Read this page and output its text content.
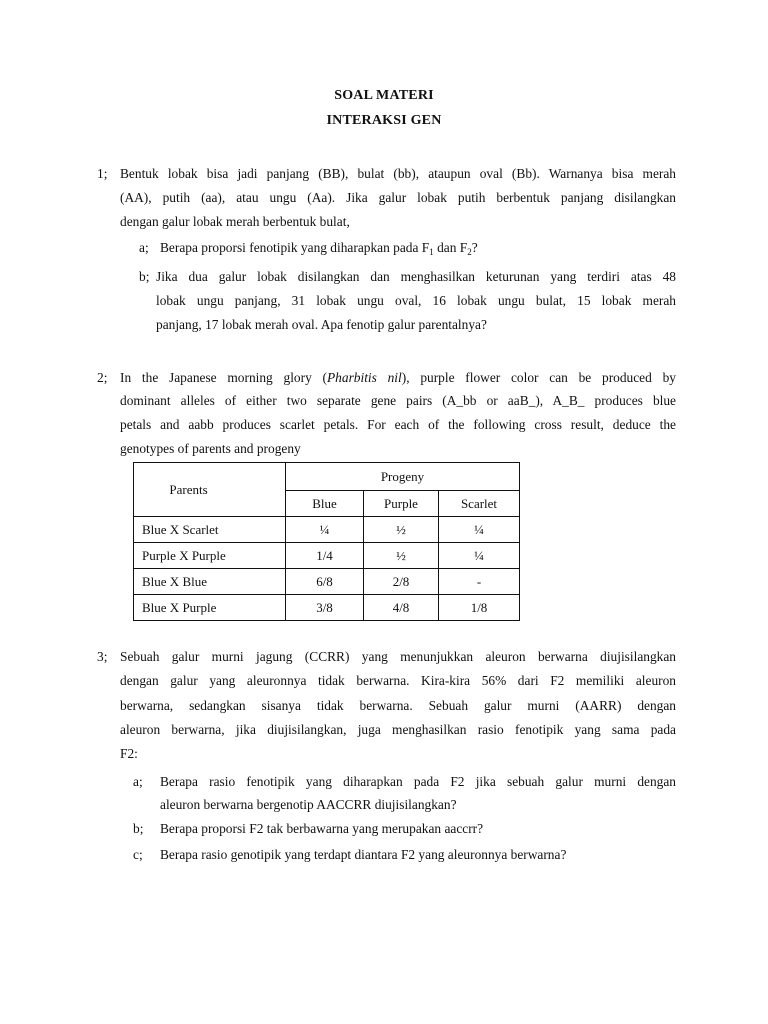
SOAL MATERI
INTERAKSI GEN
1; Bentuk lobak bisa jadi panjang (BB), bulat (bb), ataupun oval (Bb). Warnanya bisa merah
(AA), putih (aa), atau ungu (Aa). Jika galur lobak putih berbentuk panjang disilangkan
dengan galur lobak merah berbentuk bulat,
a; Berapa proporsi fenotipik yang diharapkan pada $F_1$ dan $F_2$?
b; Jika dua galur lobak disilangkan dan menghasilkan keturunan yang terdiri atas 48
lobak ungu panjang, 31 lobak ungu oval, 16 lobak ungu bulat, 15 lobak merah
panjang, 17 lobak merah oval. Apa fenotip galur parentalnya?
2; In the Japanese morning glory (Pharbitis nil), purple flower color can be produced by
dominant alleles of either two separate gene pairs (A_bb or aaB_), A_B_ produces blue
petals and aabb produces scarlet petals. For each of the following cross result, deduce the
genotypes of parents and progeny
Parents	Progeny		
	Blue	Purple	Scarlet
Blue X Scarlet	¼	½	¼
Purple X Purple	1/4	½	¼
Blue X Blue	6/8	2/8	-
Blue X Purple	3/8	4/8	1/8
3; Sebuah galur murni jagung (CCRR) yang menunjukkan aleuron berwarna diujisilangkan
dengan galur yang aleuronnya tidak berwarna. Kira-kira 56% dari F2 memiliki aleuron
berwarna, sedangkan sisanya tidak berwarna. Sebuah galur murni (AARR) dengan
aleuron berwarna, jika diujisilangkan, juga menghasilkan rasio fenotipik yang sama pada
F2:
a; Berapa rasio fenotipik yang diharapkan pada F2 jika sebuah galur murni dengan
aleuron berwarna bergenotip AACCRR diujisilangkan?
b; Berapa proporsi F2 tak berbawarna yang merupakan aaccrr?
c; Berapa rasio genotipik yang terdapt diantara F2 yang aleuronnya berwarna?
